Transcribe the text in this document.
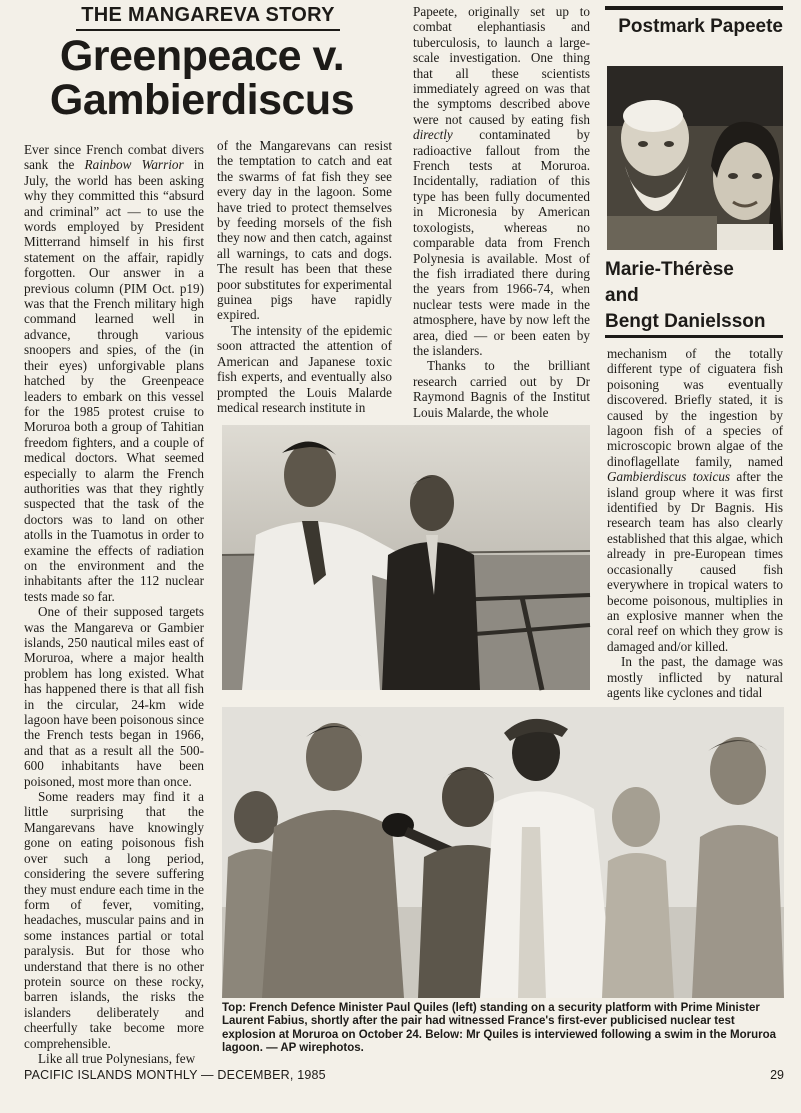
THE MANGAREVA STORY
Greenpeace v. Gambierdiscus

Ever since French combat divers sank the Rainbow Warrior in July, the world has been asking why they committed this “absurd and criminal” act — to use the words employed by President Mitterrand himself in his first statement on the affair, rapidly forgotten. Our answer in a previous column (PIM Oct. p19) was that the French military high command learned well in advance, through various snoopers and spies, of the (in their eyes) unforgivable plans hatched by the Greenpeace leaders to embark on this vessel for the 1985 protest cruise to Moruroa both a group of Tahitian freedom fighters, and a couple of medical doctors. What seemed especially to alarm the French authorities was that they rightly suspected that the task of the doctors was to land on other atolls in the Tuamotus in order to examine the effects of radiation on the environment and the inhabitants after the 112 nuclear tests made so far.

One of their supposed targets was the Mangareva or Gambier islands, 250 nautical miles east of Moruroa, where a major health problem has long existed. What has happened there is that all fish in the circular, 24-km wide lagoon have been poisonous since the French tests began in 1966, and that as a result all the 500-600 inhabitants have been poisoned, most more than once.

Some readers may find it a little surprising that the Mangarevans have knowingly gone on eating poisonous fish over such a long period, considering the severe suffering they must endure each time in the form of fever, vomiting, headaches, muscular pains and in some instances partial or total paralysis. But for those who understand that there is no other protein source on these rocky, barren islands, the risks the islanders deliberately and cheerfully take become more comprehensible.

Like all true Polynesians, few

of the Mangarevans can resist the temptation to catch and eat the swarms of fat fish they see every day in the lagoon. Some have tried to protect themselves by feeding morsels of the fish they now and then catch, against all warnings, to cats and dogs. The result has been that these poor substitutes for experimental guinea pigs have rapidly expired.

The intensity of the epidemic soon attracted the attention of American and Japanese toxic fish experts, and eventually also prompted the Louis Malarde medical research institute in

Papeete, originally set up to combat elephantiasis and tuberculosis, to launch a large-scale investigation. One thing that all these scientists immediately agreed on was that the symptoms described above were not caused by eating fish directly contaminated by radioactive fallout from the French tests at Moruroa. Incidentally, radiation of this type has been fully documented in Micronesia by American toxologists, whereas no comparable data from French Polynesia is available. Most of the fish irradiated there during the years from 1966-74, when nuclear tests were made in the atmosphere, have by now left the area, died — or been eaten by the islanders.

Thanks to the brilliant research carried out by Dr Raymond Bagnis of the Institut Louis Malarde, the whole

mechanism of the totally different type of ciguatera fish poisoning was eventually discovered. Briefly stated, it is caused by the ingestion by lagoon fish of a species of microscopic brown algae of the dinoflagellate family, named Gambierdiscus toxicus after the island group where it was first identified by Dr Bagnis. His research team has also clearly established that this algae, which already in pre-European times occasionally caused fish everywhere in tropical waters to become poisonous, multiplies in an explosive manner when the coral reef on which they grow is damaged and/or killed.

In the past, the damage was mostly inflicted by natural agents like cyclones and tidal

Postmark Papeete
Marie-Thérèse
and
Bengt Danielsson
Top: French Defence Minister Paul Quiles (left) standing on a security platform with Prime Minister Laurent Fabius, shortly after the pair had witnessed France's first-ever publicised nuclear test explosion at Moruroa on October 24. Below: Mr Quiles is interviewed following a swim in the Moruroa lagoon. — AP wirephotos.
PACIFIC ISLANDS MONTHLY — DECEMBER, 1985	29
